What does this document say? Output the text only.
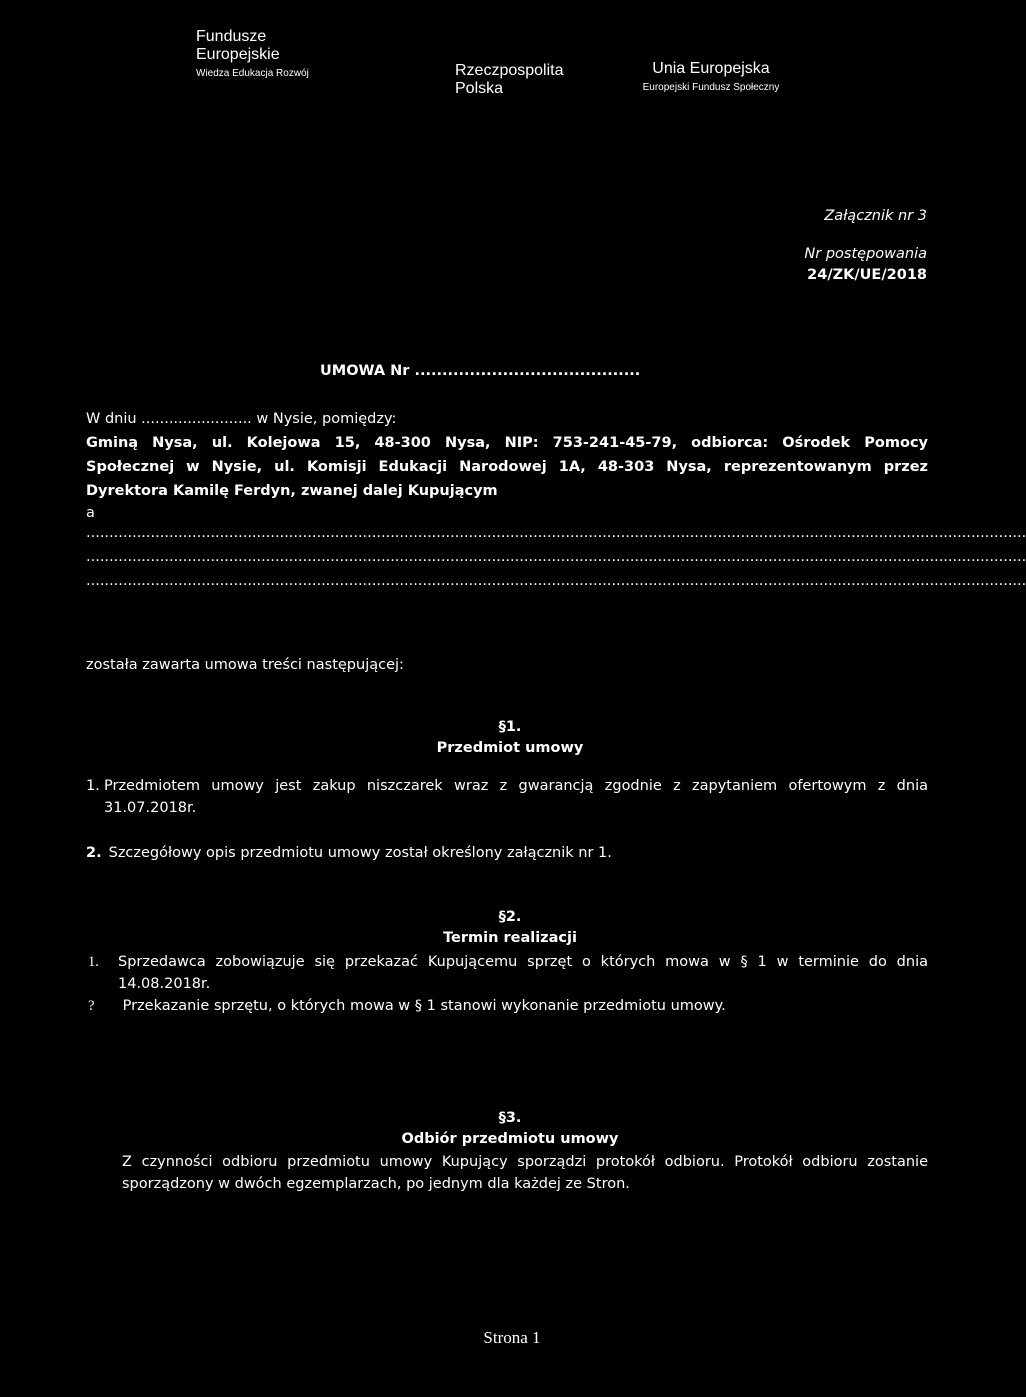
Fundusze
Europejskie
Wiedza Edukacja Rozwój	Rzeczpospolita
Polska
Unia Europejska
Europejski Fundusz Społeczny
Załącznik nr 3
Nr postępowania
24/ZK/UE/2018
UMOWA Nr .........................................
W dniu ........................ w Nysie, pomiędzy:
Gminą Nysa, ul. Kolejowa 15, 48-300 Nysa, NIP: 753-241-45-79, odbiorca: Ośrodek Pomocy
Społecznej w Nysie, ul. Komisji Edukacji Narodowej 1A, 48-303 Nysa, reprezentowanym przez
Dyrektora Kamilę Ferdyn, zwanej dalej Kupującym
a
............................................................................................................................................................................................................
............................................................................................................................................................................................................
............................................................................................................................................................................................................
została zawarta umowa treści następującej:
§1.
Przedmiot umowy
1. Przedmiotem umowy jest zakup niszczarek wraz z gwarancją zgodnie z zapytaniem ofertowym z dnia
31.07.2018r.
2. Szczegółowy opis przedmiotu umowy został określony załącznik nr 1.
§2.
Termin realizacji
1.	Sprzedawca zobowiązuje się przekazać Kupującemu sprzęt o których mowa w § 1 w terminie do dnia
14.08.2018r.
? Przekazanie sprzętu, o których mowa w § 1 stanowi wykonanie przedmiotu umowy.
§3.
Odbiór przedmiotu umowy
Z czynności odbioru przedmiotu umowy Kupujący sporządzi protokół odbioru. Protokół odbioru zostanie
sporządzony w dwóch egzemplarzach, po jednym dla każdej ze Stron.
Strona 1
